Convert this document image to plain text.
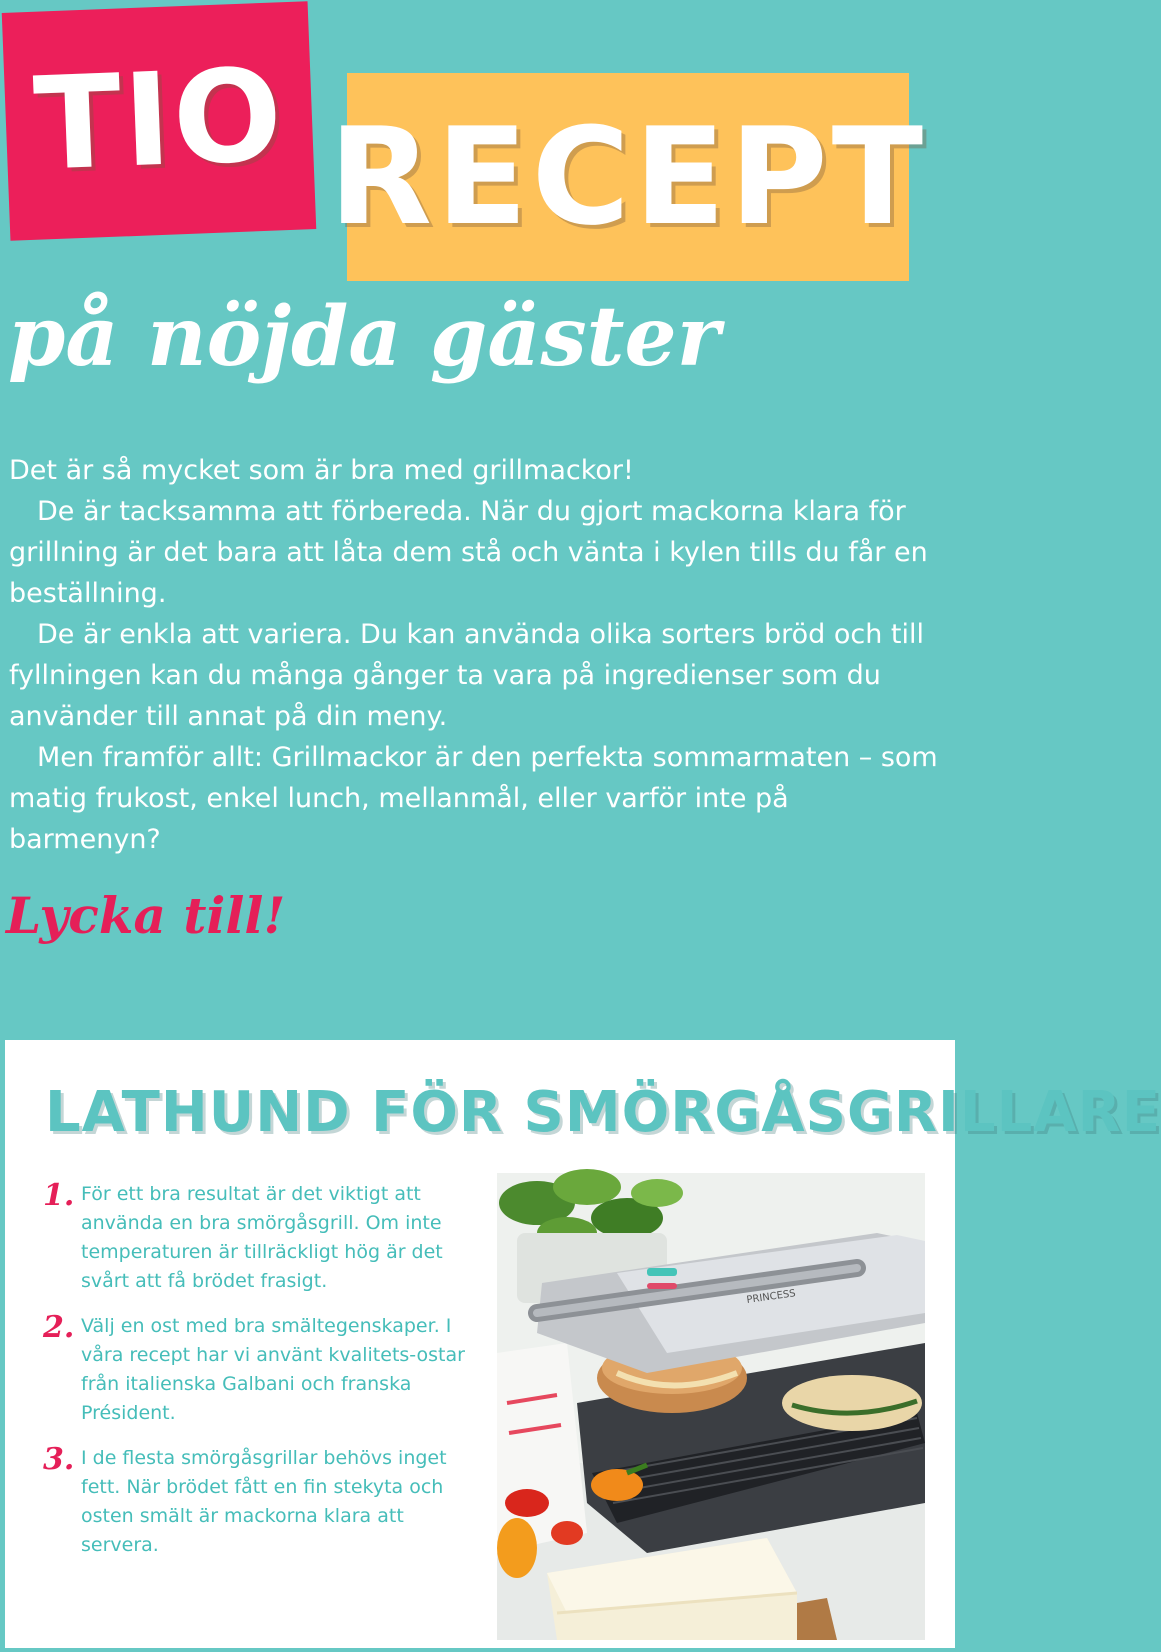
TIO RECEPT
på nöjda gäster

Det är så mycket som är bra med grillmackor!

De är tacksamma att förbereda. När du gjort mackorna klara för grillning är det bara att låta dem stå och vänta i kylen tills du får en beställning.

De är enkla att variera. Du kan använda olika sorters bröd och till fyllningen kan du många gånger ta vara på ingredienser som du använder till annat på din meny.

Men framför allt: Grillmackor är den perfekta sommarmaten – som matig frukost, enkel lunch, mellanmål, eller varför inte på barmenyn?

Lycka till!
LATHUND FÖR SMÖRGÅSGRILLARE
1. För ett bra resultat är det viktigt att använda en bra smörgåsgrill. Om inte temperaturen är tillräckligt hög är det svårt att få brödet frasigt.
2. Välj en ost med bra smältegenskaper. I våra recept har vi använt kvalitets-ostar från italienska Galbani och franska Président.
3. I de flesta smörgåsgrillar behövs inget fett. När brödet fått en fin stekyta och osten smält är mackorna klara att servera.
PRINCESS
